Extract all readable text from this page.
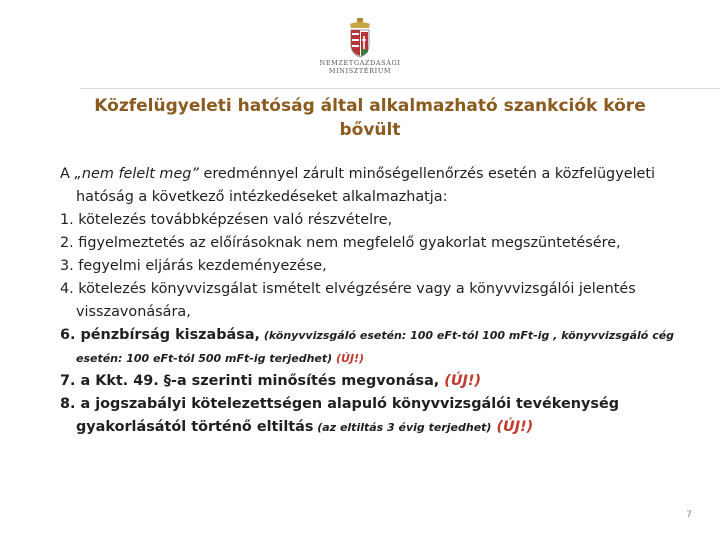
NEMZETGAZDASÁGI
MINISZTÉRIUM
Közfelügyeleti hatóság által alkalmazható szankciók köre
bővült
A „nem felelt meg” eredménnyel zárult minőségellenőrzés esetén a közfelügyeleti hatóság a következő intézkedéseket alkalmazhatja:
1. kötelezés továbbképzésen való részvételre,
2. figyelmeztetés az előírásoknak nem megfelelő gyakorlat megszüntetésére,
3. fegyelmi eljárás kezdeményezése,
4. kötelezés könyvvizsgálat ismételt elvégzésére vagy a könyvvizsgálói jelentés visszavonására,
6. pénzbírság kiszabása, (könyvvizsgáló esetén: 100 eFt-tól 100 mFt-ig , könyvvizsgáló cég esetén: 100 eFt-tól 500 mFt-ig terjedhet) (ÚJ!)
7. a Kkt. 49. §-a szerinti minősítés megvonása, (ÚJ!)
8. a jogszabályi kötelezettségen alapuló könyvvizsgálói tevékenység gyakorlásától történő eltiltás (az eltiltás 3 évig terjedhet) (ÚJ!)
7
